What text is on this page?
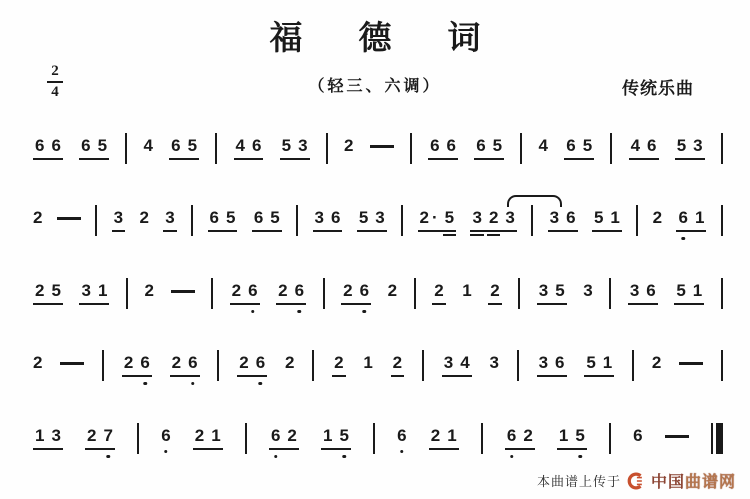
福德词
2
4	（轻三、六调）	传统乐曲
6 6 6 5 4 6 5 4 6 5 3 2	6 6 6 5 4 6 5 4 6 5 3
2	3 2 3 6 5 6 5 3 6 5 3 2 · 5 3 2 3 3 6 5 1 2 6 1
2 5 3 1 2	2 6 2 6 2 6 2 2 1 2 3 5 3 3 6 5 1
2	2 6 2 6 2 6 2 2 1 2 3 4 3 3 6 5 1 2
1 3 2 7	6 2 1	6 2 1 5	6 2 1	6 2 1 5	6
本曲谱上传于 中国曲谱网
